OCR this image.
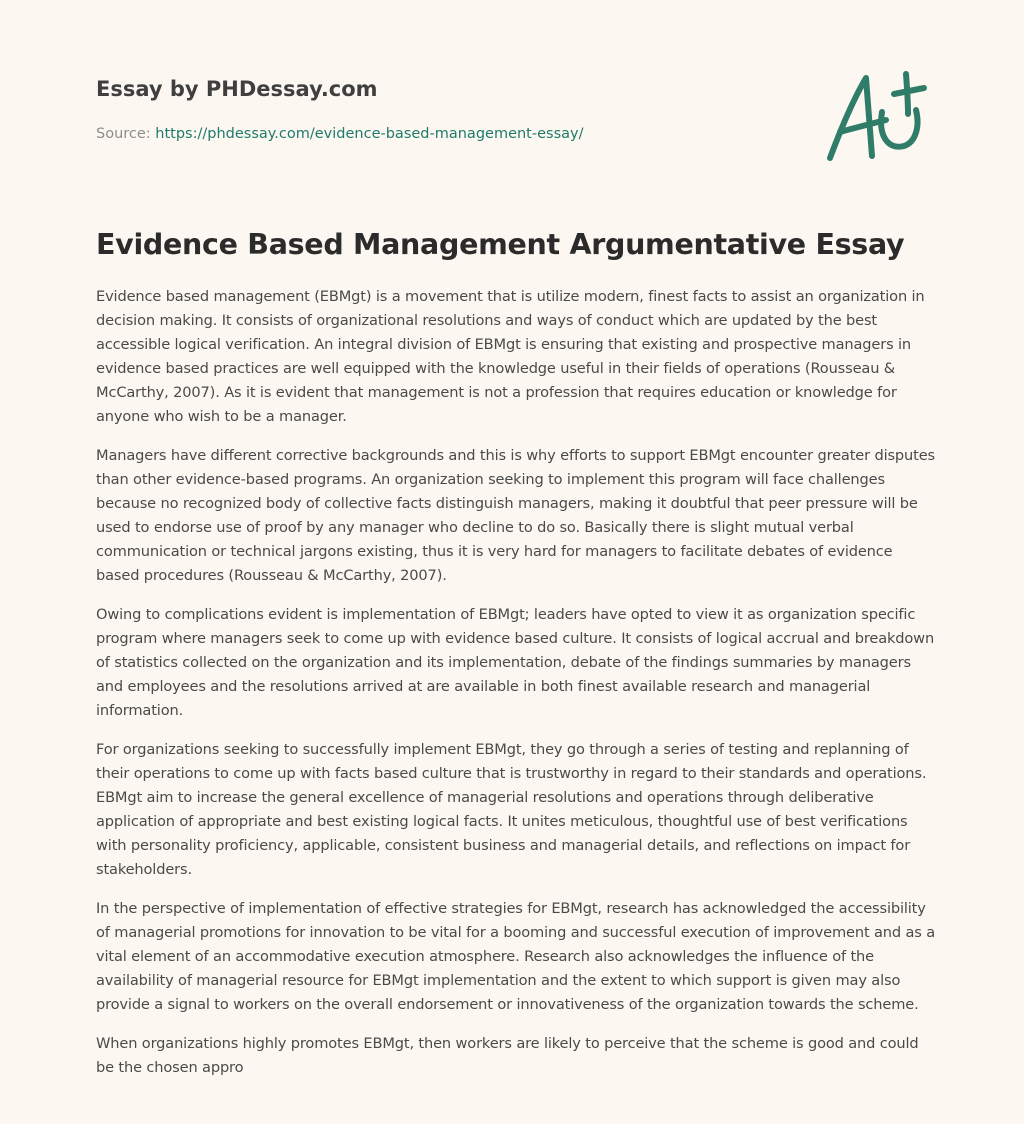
Essay by PHDessay.com
Source: https://phdessay.com/evidence-based-management-essay/
Evidence Based Management Argumentative Essay

Evidence based management (EBMgt) is a movement that is utilize modern, finest facts to assist an organization in decision making. It consists of organizational resolutions and ways of conduct which are updated by the best accessible logical verification. An integral division of EBMgt is ensuring that existing and prospective managers in evidence based practices are well equipped with the knowledge useful in their fields of operations (Rousseau & McCarthy, 2007). As it is evident that management is not a profession that requires education or knowledge for anyone who wish to be a manager.

Managers have different corrective backgrounds and this is why efforts to support EBMgt encounter greater disputes than other evidence-based programs. An organization seeking to implement this program will face challenges because no recognized body of collective facts distinguish managers, making it doubtful that peer pressure will be used to endorse use of proof by any manager who decline to do so. Basically there is slight mutual verbal communication or technical jargons existing, thus it is very hard for managers to facilitate debates of evidence based procedures (Rousseau & McCarthy, 2007).

Owing to complications evident is implementation of EBMgt; leaders have opted to view it as organization specific program where managers seek to come up with evidence based culture. It consists of logical accrual and breakdown of statistics collected on the organization and its implementation, debate of the findings summaries by managers and employees and the resolutions arrived at are available in both finest available research and managerial information.

For organizations seeking to successfully implement EBMgt, they go through a series of testing and replanning of their operations to come up with facts based culture that is trustworthy in regard to their standards and operations. EBMgt aim to increase the general excellence of managerial resolutions and operations through deliberative application of appropriate and best existing logical facts. It unites meticulous, thoughtful use of best verifications with personality proficiency, applicable, consistent business and managerial details, and reflections on impact for stakeholders.

In the perspective of implementation of effective strategies for EBMgt, research has acknowledged the accessibility of managerial promotions for innovation to be vital for a booming and successful execution of improvement and as a vital element of an accommodative execution atmosphere. Research also acknowledges the influence of the availability of managerial resource for EBMgt implementation and the extent to which support is given may also provide a signal to workers on the overall endorsement or innovativeness of the organization towards the scheme.

When organizations highly promotes EBMgt, then workers are likely to perceive that the scheme is good and could be the chosen appro
